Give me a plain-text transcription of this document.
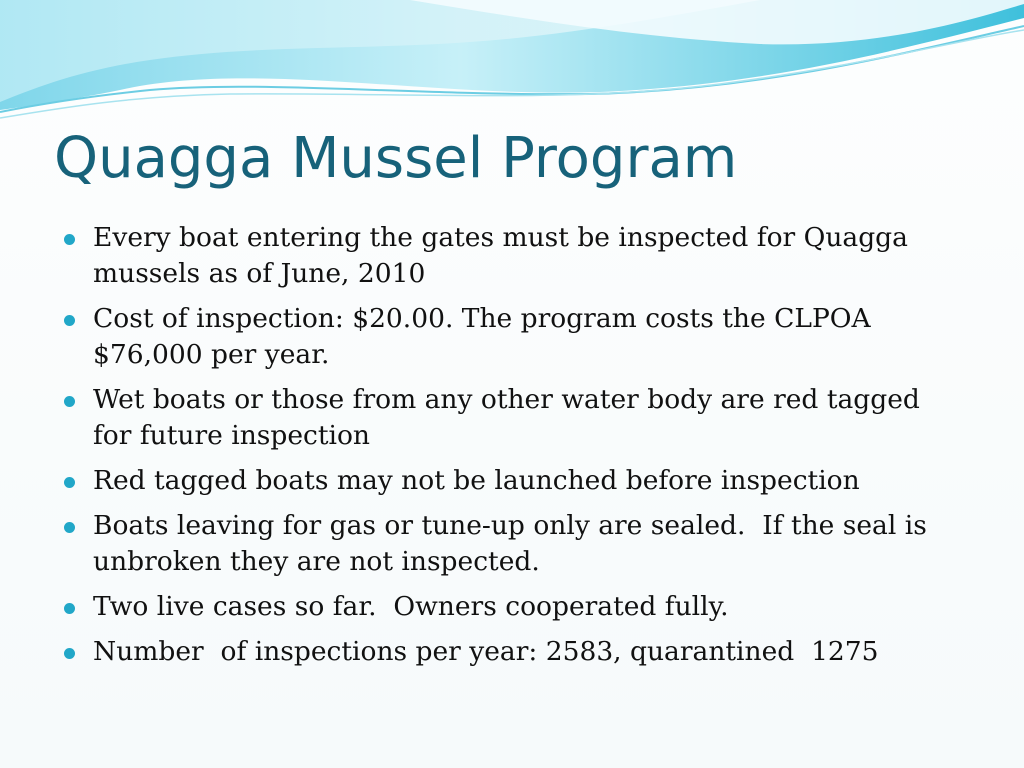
Quagga Mussel Program
Every boat entering the gates must be inspected for Quagga mussels as of June, 2010
Cost of inspection: $20.00. The program costs the CLPOA $76,000 per year.
Wet boats or those from any other water body are red tagged for future inspection
Red tagged boats may not be launched before inspection
Boats leaving for gas or tune-up only are sealed.  If the seal is unbroken they are not inspected.
Two live cases so far.  Owners cooperated fully.
Number  of inspections per year: 2583, quarantined  1275
